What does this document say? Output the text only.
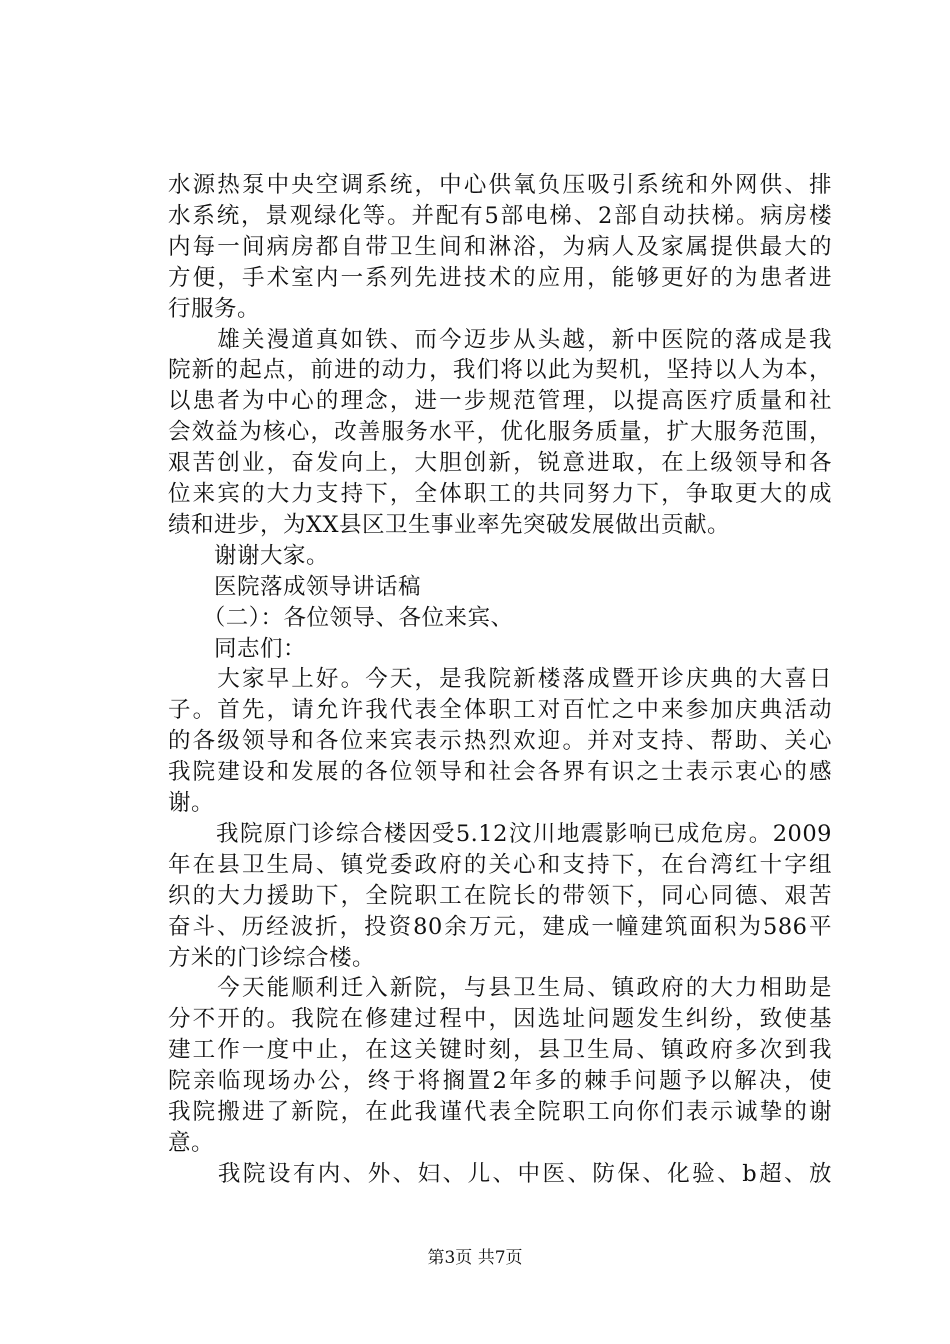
水源热泵中央空调系统，中心供氧负压吸引系统和外网供、排
水系统，景观绿化等。并配有5部电梯、2部自动扶梯。病房楼
内每一间病房都自带卫生间和淋浴，为病人及家属提供最大的
方便，手术室内一系列先进技术的应用，能够更好的为患者进
行服务。
　　雄关漫道真如铁、而今迈步从头越，新中医院的落成是我
院新的起点，前进的动力，我们将以此为契机，坚持以人为本，
以患者为中心的理念，进一步规范管理，以提高医疗质量和社
会效益为核心，改善服务水平，优化服务质量，扩大服务范围，
艰苦创业，奋发向上，大胆创新，锐意进取，在上级领导和各
位来宾的大力支持下，全体职工的共同努力下，争取更大的成
绩和进步，为XX县区卫生事业率先突破发展做出贡献。
　　谢谢大家。
　　医院落成领导讲话稿
　　（二）：各位领导、各位来宾、
　　同志们：
　　大家早上好。今天，是我院新楼落成暨开诊庆典的大喜日
子。首先，请允许我代表全体职工对百忙之中来参加庆典活动
的各级领导和各位来宾表示热烈欢迎。并对支持、帮助、关心
我院建设和发展的各位领导和社会各界有识之士表示衷心的感
谢。
　　我院原门诊综合楼因受5.12汶川地震影响已成危房。2009
年在县卫生局、镇党委政府的关心和支持下，在台湾红十字组
织的大力援助下，全院职工在院长的带领下，同心同德、艰苦
奋斗、历经波折，投资80余万元，建成一幢建筑面积为586平
方米的门诊综合楼。
　　今天能顺利迁入新院，与县卫生局、镇政府的大力相助是
分不开的。我院在修建过程中，因选址问题发生纠纷，致使基
建工作一度中止，在这关键时刻，县卫生局、镇政府多次到我
院亲临现场办公，终于将搁置2年多的棘手问题予以解决，使
我院搬进了新院，在此我谨代表全院职工向你们表示诚挚的谢
意。
　　我院设有内、外、妇、儿、中医、防保、化验、b超、放
第3页 共7页
